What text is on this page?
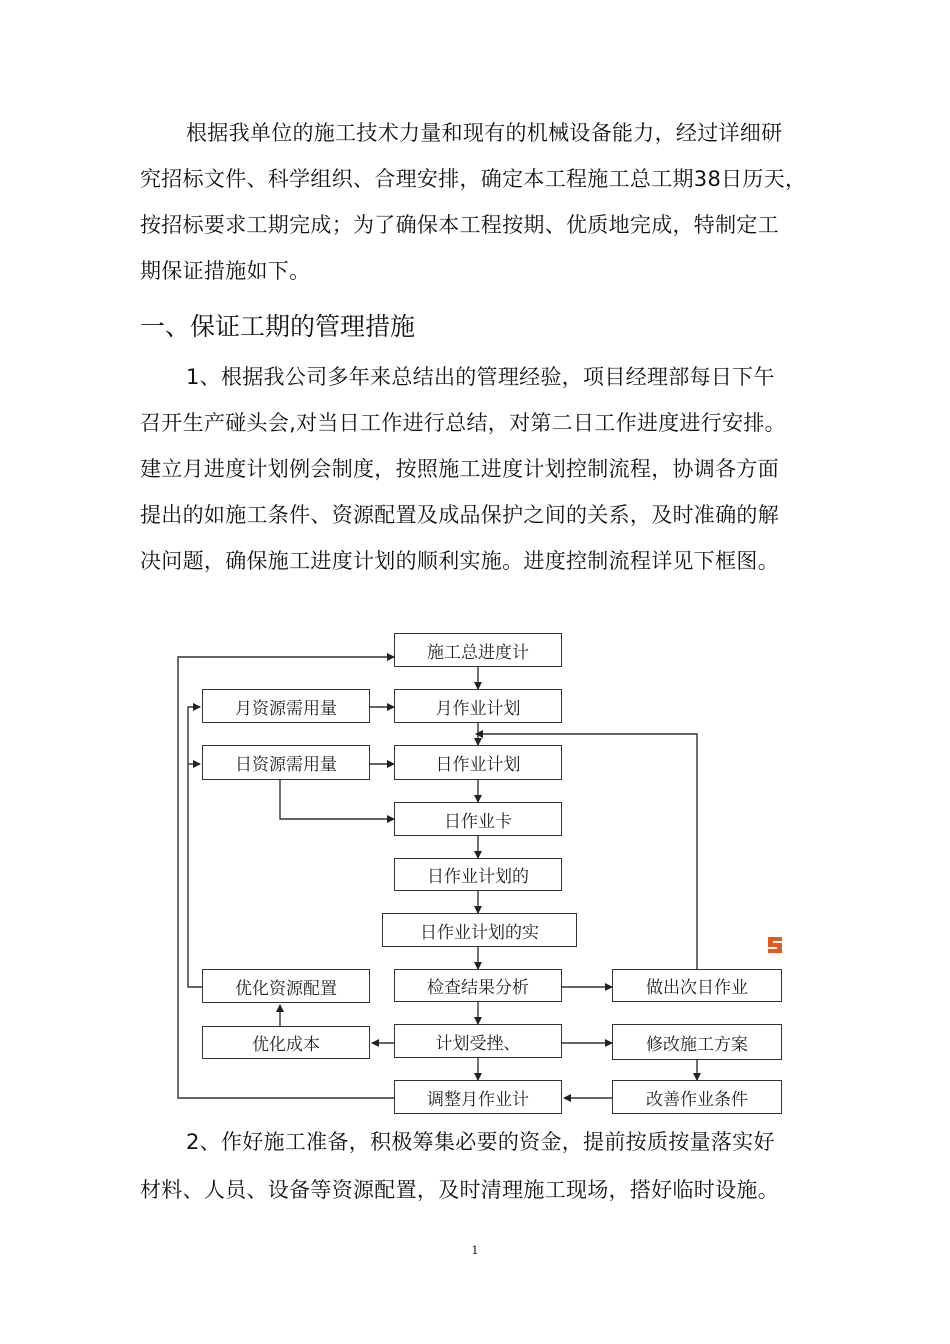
根据我单位的施工技术力量和现有的机械设备能力，经过详细研
究招标文件、科学组织、合理安排，确定本工程施工总工期38日历天，
按招标要求工期完成；为了确保本工程按期、优质地完成，特制定工
期保证措施如下。
一、保证工期的管理措施
1、根据我公司多年来总结出的管理经验，项目经理部每日下午
召开生产碰头会,对当日工作进行总结，对第二日工作进度进行安排。
建立月进度计划例会制度，按照施工进度计划控制流程，协调各方面
提出的如施工条件、资源配置及成品保护之间的关系，及时准确的解
决问题，确保施工进度计划的顺利实施。进度控制流程详见下框图。
施工总进度计
月作业计划
月资源需用量
日作业计划
日资源需用量
日作业卡
日作业计划的
日作业计划的实
检查结果分析
优化资源配置	做出次日作业
计划受挫、
优化成本	修改施工方案
调整月作业计	改善作业条件
2、作好施工准备，积极筹集必要的资金，提前按质按量落实好
材料、人员、设备等资源配置，及时清理施工现场，搭好临时设施。
1
